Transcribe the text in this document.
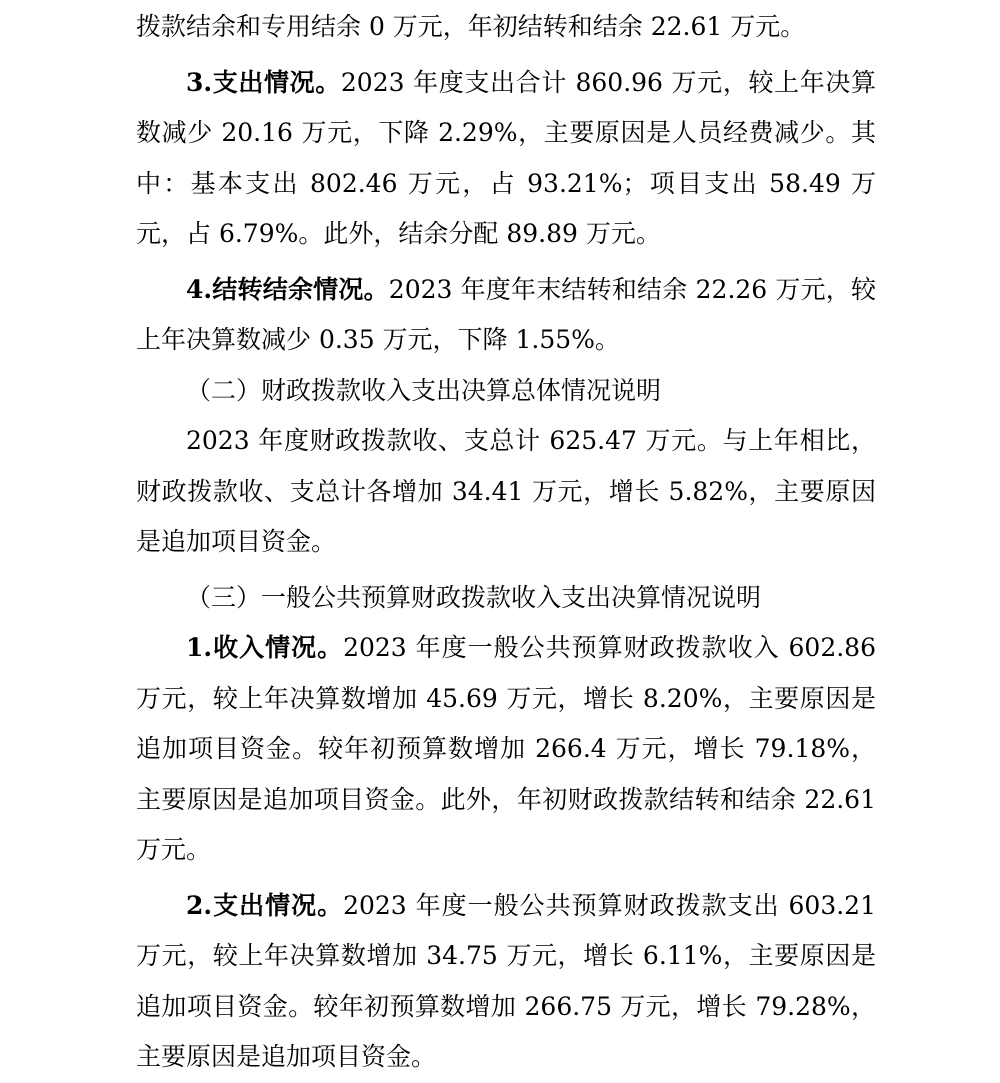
拨款结余和专用结余 0 万元，年初结转和结余 22.61 万元。

3.支出情况。2023 年度支出合计 860.96 万元，较上年决算数减少 20.16 万元，下降 2.29%，主要原因是人员经费减少。其中：基本支出 802.46 万元，占 93.21%；项目支出 58.49 万元，占 6.79%。此外，结余分配 89.89 万元。

4.结转结余情况。2023 年度年末结转和结余 22.26 万元，较上年决算数减少 0.35 万元，下降 1.55%。

（二）财政拨款收入支出决算总体情况说明

2023 年度财政拨款收、支总计 625.47 万元。与上年相比，财政拨款收、支总计各增加 34.41 万元，增长 5.82%，主要原因是追加项目资金。

（三）一般公共预算财政拨款收入支出决算情况说明

1.收入情况。2023 年度一般公共预算财政拨款收入 602.86 万元，较上年决算数增加 45.69 万元，增长 8.20%，主要原因是追加项目资金。较年初预算数增加 266.4 万元，增长 79.18%，主要原因是追加项目资金。此外，年初财政拨款结转和结余 22.61 万元。

2.支出情况。2023 年度一般公共预算财政拨款支出 603.21 万元，较上年决算数增加 34.75 万元，增长 6.11%，主要原因是追加项目资金。较年初预算数增加 266.75 万元，增长 79.28%，主要原因是追加项目资金。
